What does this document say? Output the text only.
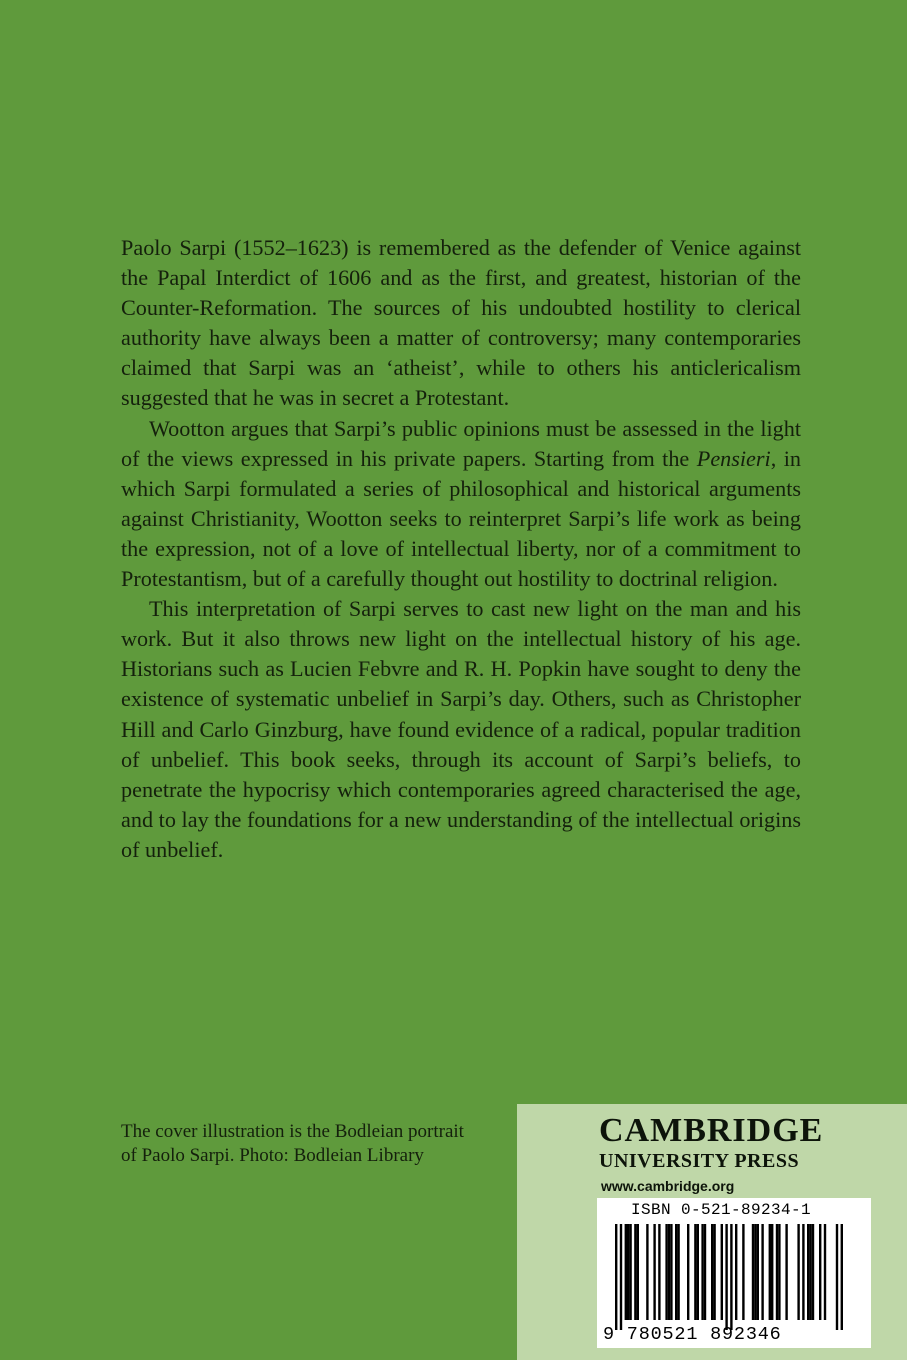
Paolo Sarpi (1552–1623) is remembered as the defender of Venice against the Papal Interdict of 1606 and as the first, and greatest, historian of the Counter-Reformation. The sources of his undoubted hostility to clerical authority have always been a matter of controversy; many contemporaries claimed that Sarpi was an ‘atheist’, while to others his anticlericalism suggested that he was in secret a Protestant.

Wootton argues that Sarpi’s public opinions must be assessed in the light of the views expressed in his private papers. Starting from the Pensieri, in which Sarpi formulated a series of philosophical and historical arguments against Christianity, Wootton seeks to reinterpret Sarpi’s life work as being the expression, not of a love of intellectual liberty, nor of a commitment to Protestantism, but of a carefully thought out hostility to doctrinal religion.

This interpretation of Sarpi serves to cast new light on the man and his work. But it also throws new light on the intellectual history of his age. Historians such as Lucien Febvre and R. H. Popkin have sought to deny the existence of systematic unbelief in Sarpi’s day. Others, such as Christopher Hill and Carlo Ginzburg, have found evidence of a radical, popular tradition of unbelief. This book seeks, through its account of Sarpi’s beliefs, to penetrate the hypocrisy which contemporaries agreed characterised the age, and to lay the foundations for a new understanding of the intellectual origins of unbelief.

The cover illustration is the Bodleian portrait
of Paolo Sarpi. Photo: Bodleian Library
CAMBRIDGE
UNIVERSITY PRESS
www.cambridge.org
ISBN 0-521-89234-1
9 780521 892346
